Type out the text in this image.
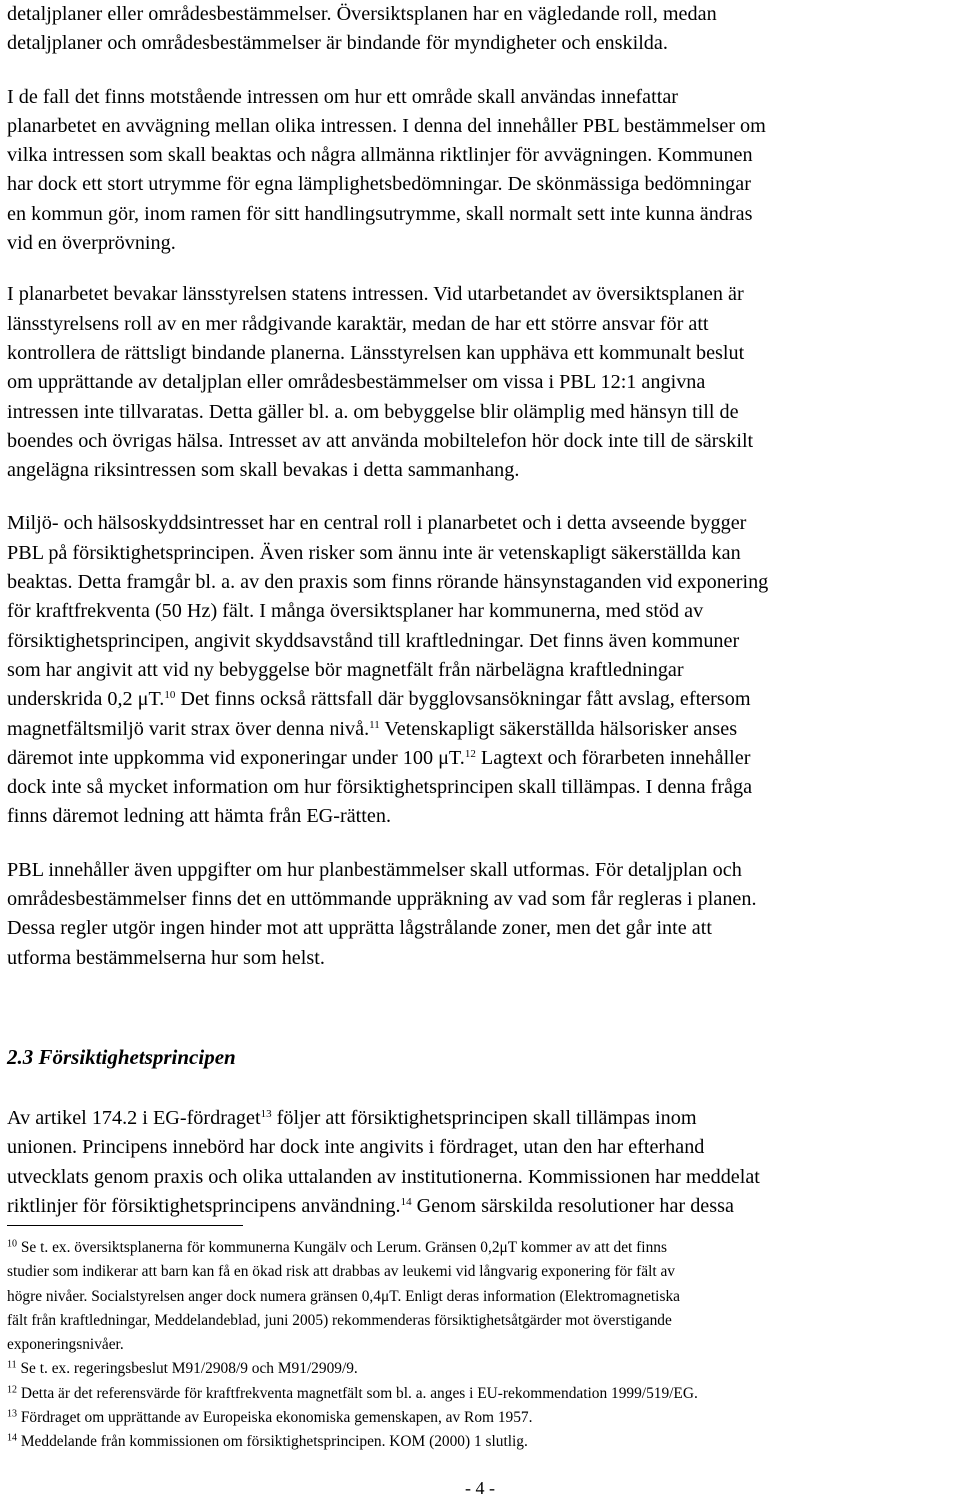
detaljplaner eller områdesbestämmelser. Översiktsplanen har en vägledande roll, medan
detaljplaner och områdesbestämmelser är bindande för myndigheter och enskilda.
I de fall det finns motstående intressen om hur ett område skall användas innefattar
planarbetet en avvägning mellan olika intressen. I denna del innehåller PBL bestämmelser om
vilka intressen som skall beaktas och några allmänna riktlinjer för avvägningen. Kommunen
har dock ett stort utrymme för egna lämplighetsbedömningar. De skönmässiga bedömningar
en kommun gör, inom ramen för sitt handlingsutrymme, skall normalt sett inte kunna ändras
vid en överprövning.
I planarbetet bevakar länsstyrelsen statens intressen. Vid utarbetandet av översiktsplanen är
länsstyrelsens roll av en mer rådgivande karaktär, medan de har ett större ansvar för att
kontrollera de rättsligt bindande planerna. Länsstyrelsen kan upphäva ett kommunalt beslut
om upprättande av detaljplan eller områdesbestämmelser om vissa i PBL 12:1 angivna
intressen inte tillvaratas. Detta gäller bl. a. om bebyggelse blir olämplig med hänsyn till de
boendes och övrigas hälsa. Intresset av att använda mobiltelefon hör dock inte till de särskilt
angelägna riksintressen som skall bevakas i detta sammanhang.
Miljö- och hälsoskyddsintresset har en central roll i planarbetet och i detta avseende bygger
PBL på försiktighetsprincipen. Även risker som ännu inte är vetenskapligt säkerställda kan
beaktas. Detta framgår bl. a. av den praxis som finns rörande hänsynstaganden vid exponering
för kraftfrekventa (50 Hz) fält. I många översiktsplaner har kommunerna, med stöd av
försiktighetsprincipen, angivit skyddsavstånd till kraftledningar. Det finns även kommuner
som har angivit att vid ny bebyggelse bör magnetfält från närbelägna kraftledningar
underskrida 0,2 μT.$^{10}$ Det finns också rättsfall där bygglovsansökningar fått avslag, eftersom
magnetfältsmiljö varit strax över denna nivå.$^{11}$ Vetenskapligt säkerställda hälsorisker anses
däremot inte uppkomma vid exponeringar under 100 μT.$^{12}$ Lagtext och förarbeten innehåller
dock inte så mycket information om hur försiktighetsprincipen skall tillämpas. I denna fråga
finns däremot ledning att hämta från EG-rätten.
PBL innehåller även uppgifter om hur planbestämmelser skall utformas. För detaljplan och
områdesbestämmelser finns det en uttömmande uppräkning av vad som får regleras i planen.
Dessa regler utgör ingen hinder mot att upprätta lågstrålande zoner, men det går inte att
utforma bestämmelserna hur som helst.
2.3 Försiktighetsprincipen
Av artikel 174.2 i EG-fördraget$^{13}$ följer att försiktighetsprincipen skall tillämpas inom
unionen. Principens innebörd har dock inte angivits i fördraget, utan den har efterhand
utvecklats genom praxis och olika uttalanden av institutionerna. Kommissionen har meddelat
riktlinjer för försiktighetsprincipens användning.$^{14}$ Genom särskilda resolutioner har dessa
$^{10}$ Se t. ex. översiktsplanerna för kommunerna Kungälv och Lerum. Gränsen 0,2μT kommer av att det finns
studier som indikerar att barn kan få en ökad risk att drabbas av leukemi vid långvarig exponering för fält av
högre nivåer. Socialstyrelsen anger dock numera gränsen 0,4μT. Enligt deras information (Elektromagnetiska
fält från kraftledningar, Meddelandeblad, juni 2005) rekommenderas försiktighetsåtgärder mot överstigande
exponeringsnivåer.
$^{11}$ Se t. ex. regeringsbeslut M91/2908/9 och M91/2909/9.
$^{12}$ Detta är det referensvärde för kraftfrekventa magnetfält som bl. a. anges i EU-rekommendation 1999/519/EG.
$^{13}$ Fördraget om upprättande av Europeiska ekonomiska gemenskapen, av Rom 1957.
$^{14}$ Meddelande från kommissionen om försiktighetsprincipen. KOM (2000) 1 slutlig.
- 4 -
